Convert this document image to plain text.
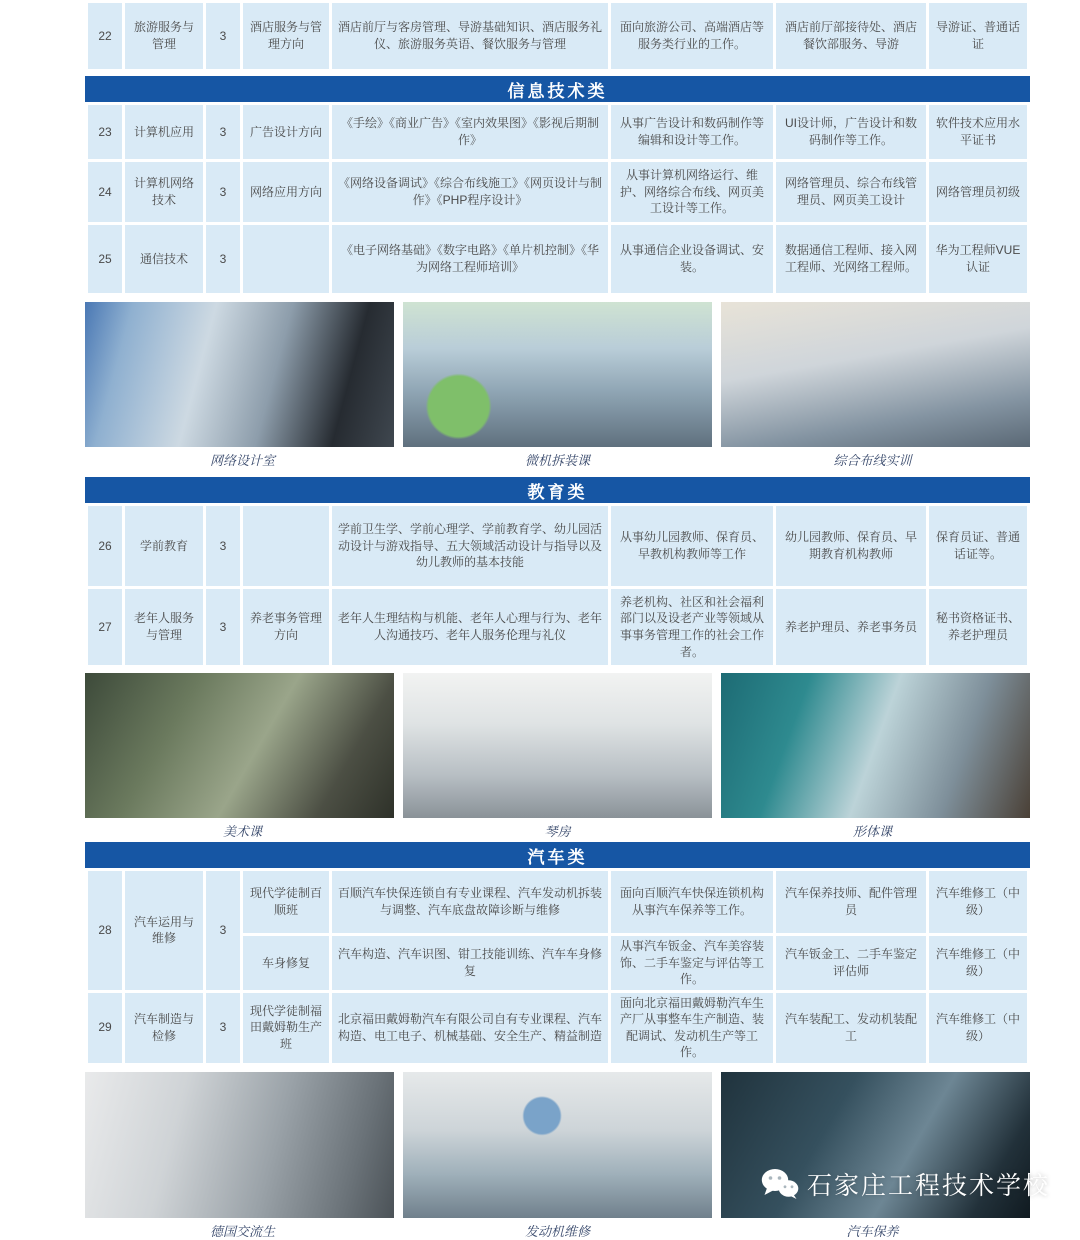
22	旅游服务与管理	3	酒店服务与管理方向	酒店前厅与客房管理、导游基础知识、酒店服务礼仪、旅游服务英语、餐饮服务与管理	面向旅游公司、高端酒店等服务类行业的工作。	酒店前厅部接待处、酒店餐饮部服务、导游	导游证、普通话证
信息技术类
23	计算机应用	3	广告设计方向	《手绘》《商业广告》《室内效果图》《影视后期制作》	从事广告设计和数码制作等编辑和设计等工作。	UI设计师，广告设计和数码制作等工作。	软件技术应用水平证书
24	计算机网络技术	3	网络应用方向	《网络设备调试》《综合布线施工》《网页设计与制作》《PHP程序设计》	从事计算机网络运行、维护、网络综合布线、网页美工设计等工作。	网络管理员、综合布线管理员、网页美工设计	网络管理员初级
25	通信技术	3		《电子网络基础》《数字电路》《单片机控制》《华为网络工程师培训》	从事通信企业设备调试、安装。	数据通信工程师、接入网工程师、光网络工程师。	华为工程师VUE认证
网络设计室	微机拆装课	综合布线实训
教育类
26	学前教育	3		学前卫生学、学前心理学、学前教育学、幼儿园活动设计与游戏指导、五大领域活动设计与指导以及幼儿教师的基本技能	从事幼儿园教师、保育员、早教机构教师等工作	幼儿园教师、保育员、早期教育机构教师	保育员证、普通话证等。
27	老年人服务与管理	3	养老事务管理方向	老年人生理结构与机能、老年人心理与行为、老年人沟通技巧、老年人服务伦理与礼仪	养老机构、社区和社会福利部门以及设老产业等领域从事事务管理工作的社会工作者。	养老护理员、养老事务员	秘书资格证书、养老护理员
美术课	琴房	形体课
汽车类
28	汽车运用与维修	3	现代学徒制百顺班	百顺汽车快保连锁自有专业课程、汽车发动机拆装与调整、汽车底盘故障诊断与维修	面向百顺汽车快保连锁机构从事汽车保养等工作。	汽车保养技师、配件管理员	汽车维修工（中级）
			车身修复	汽车构造、汽车识图、钳工技能训练、汽车车身修复	从事汽车钣金、汽车美容装饰、二手车鉴定与评估等工作。	汽车钣金工、二手车鉴定评估师	汽车维修工（中级）
29	汽车制造与检修	3	现代学徒制福田戴姆勒生产班	北京福田戴姆勒汽车有限公司自有专业课程、汽车构造、电工电子、机械基础、安全生产、精益制造	面向北京福田戴姆勒汽车生产厂从事整车生产制造、装配调试、发动机生产等工作。	汽车装配工、发动机装配工	汽车维修工（中级）
石家庄工程技术学校
德国交流生	发动机维修	汽车保养
